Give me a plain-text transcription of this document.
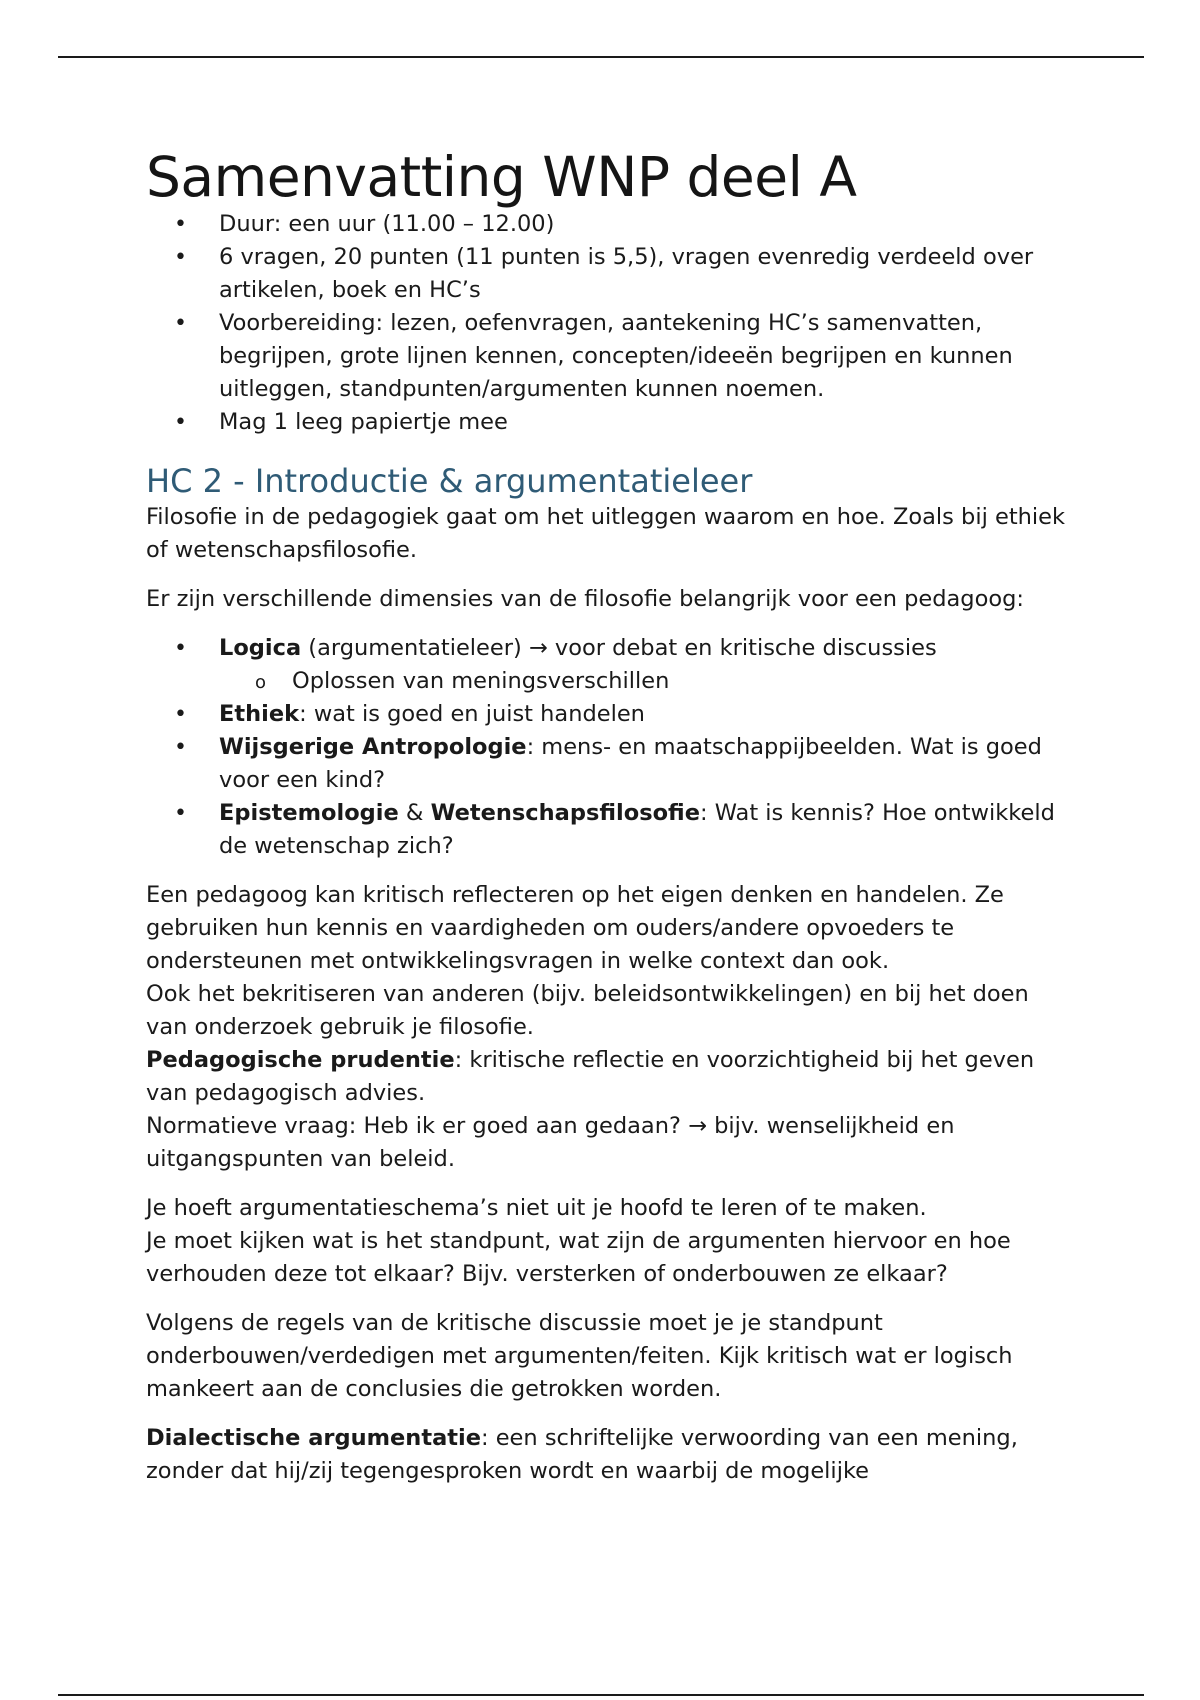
Samenvatting WNP deel A
• Duur: een uur (11.00 – 12.00)
• 6 vragen, 20 punten (11 punten is 5,5), vragen evenredig verdeeld over artikelen, boek en HC’s
• Voorbereiding: lezen, oefenvragen, aantekening HC’s samenvatten, begrijpen, grote lijnen kennen, concepten/ideeën begrijpen en kunnen uitleggen, standpunten/argumenten kunnen noemen.
• Mag 1 leeg papiertje mee
HC 2 - Introductie & argumentatieleer

Filosofie in de pedagogiek gaat om het uitleggen waarom en hoe. Zoals bij ethiek of wetenschapsfilosofie.

Er zijn verschillende dimensies van de filosofie belangrijk voor een pedagoog:

• Logica (argumentatieleer) → voor debat en kritische discussies
o Oplossen van meningsverschillen
• Ethiek: wat is goed en juist handelen
• Wijsgerige Antropologie: mens- en maatschappijbeelden. Wat is goed voor een kind?
• Epistemologie & Wetenschapsfilosofie: Wat is kennis? Hoe ontwikkeld de wetenschap zich?

Een pedagoog kan kritisch reflecteren op het eigen denken en handelen. Ze gebruiken hun kennis en vaardigheden om ouders/andere opvoeders te ondersteunen met ontwikkelingsvragen in welke context dan ook.

Ook het bekritiseren van anderen (bijv. beleidsontwikkelingen) en bij het doen van onderzoek gebruik je filosofie.

Pedagogische prudentie: kritische reflectie en voorzichtigheid bij het geven van pedagogisch advies.

Normatieve vraag: Heb ik er goed aan gedaan? → bijv. wenselijkheid en uitgangspunten van beleid.

Je hoeft argumentatieschema’s niet uit je hoofd te leren of te maken.

Je moet kijken wat is het standpunt, wat zijn de argumenten hiervoor en hoe verhouden deze tot elkaar? Bijv. versterken of onderbouwen ze elkaar?

Volgens de regels van de kritische discussie moet je je standpunt onderbouwen/verdedigen met argumenten/feiten. Kijk kritisch wat er logisch mankeert aan de conclusies die getrokken worden.

Dialectische argumentatie: een schriftelijke verwoording van een mening, zonder dat hij/zij tegengesproken wordt en waarbij de mogelijke
